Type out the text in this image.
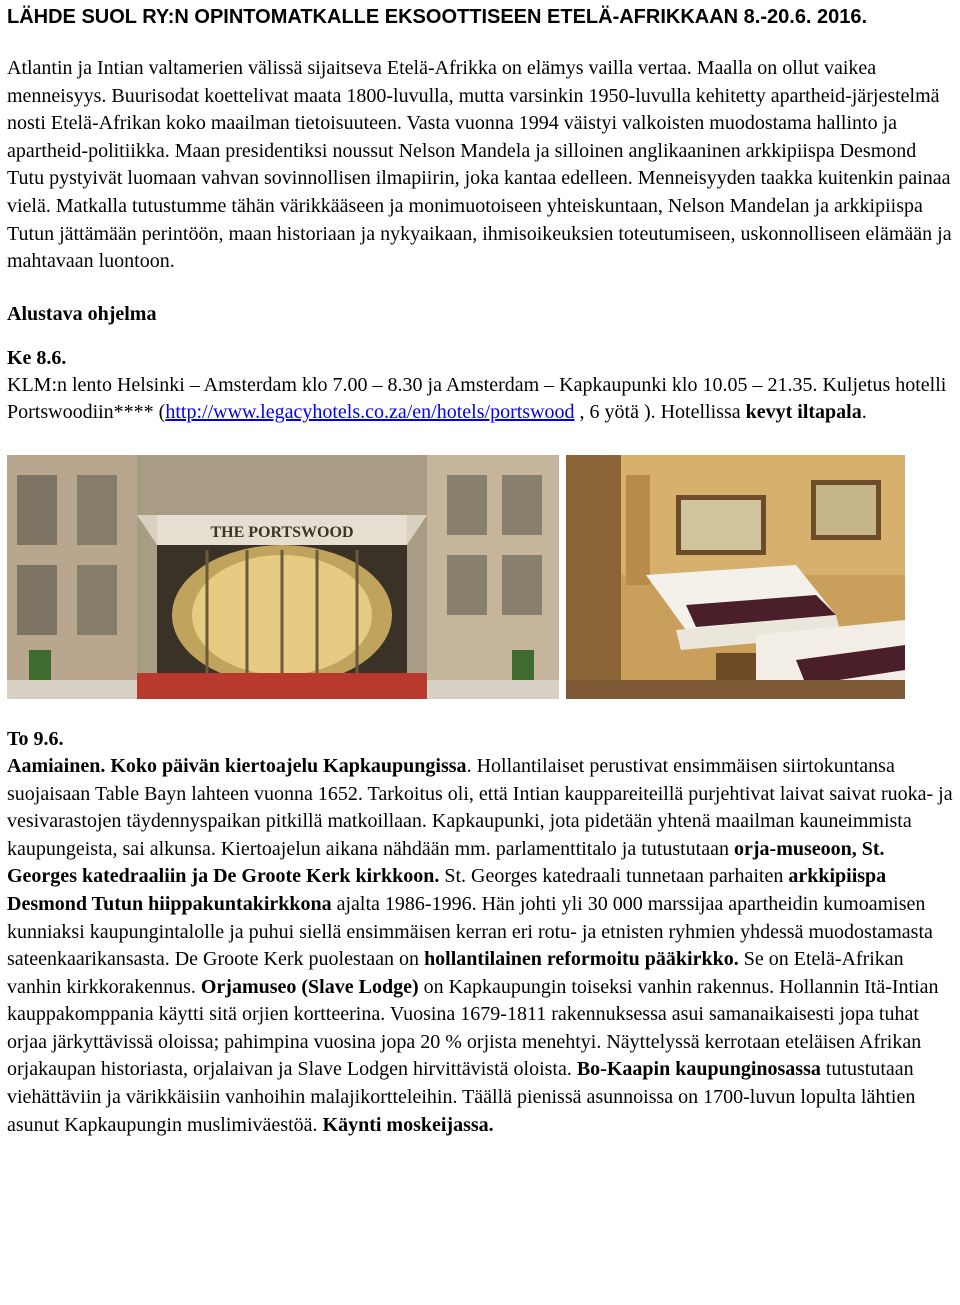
LÄHDE SUOL RY:N OPINTOMATKALLE EKSOOTTISEEN ETELÄ-AFRIKKAAN 8.-20.6. 2016.

Atlantin ja Intian valtamerien välissä sijaitseva Etelä-Afrikka on elämys vailla vertaa. Maalla on ollut vaikea menneisyys. Buurisodat koettelivat maata 1800-luvulla, mutta varsinkin 1950-luvulla kehitetty apartheid-järjestelmä nosti Etelä-Afrikan koko maailman tietoisuuteen. Vasta vuonna 1994 väistyi valkoisten muodostama hallinto ja apartheid-politiikka. Maan presidentiksi noussut Nelson Mandela ja silloinen anglikaaninen arkkipiispa Desmond Tutu pystyivät luomaan vahvan sovinnollisen ilmapiirin, joka kantaa edelleen. Menneisyyden taakka kuitenkin painaa vielä. Matkalla tutustumme tähän värikkääseen ja monimuotoiseen yhteiskuntaan, Nelson Mandelan ja arkkipiispa Tutun jättämään perintöön, maan historiaan ja nykyaikaan, ihmisoikeuksien toteutumiseen, uskonnolliseen elämään ja mahtavaan luontoon.

Alustava ohjelma

Ke 8.6.

KLM:n lento Helsinki – Amsterdam klo 7.00 – 8.30 ja Amsterdam – Kapkaupunki klo 10.05 – 21.35. Kuljetus hotelli Portswoodiin**** (http://www.legacyhotels.co.za/en/hotels/portswood , 6 yötä ). Hotellissa kevyt iltapala.

THE PORTSWOOD

To 9.6.

Aamiainen. Koko päivän kiertoajelu Kapkaupungissa. Hollantilaiset perustivat ensimmäisen siirtokuntansa suojaisaan Table Bayn lahteen vuonna 1652. Tarkoitus oli, että Intian kauppareiteillä purjehtivat laivat saivat ruoka- ja vesivarastojen täydennyspaikan pitkillä matkoillaan. Kapkaupunki, jota pidetään yhtenä maailman kauneimmista kaupungeista, sai alkunsa. Kiertoajelun aikana nähdään mm. parlamenttitalo ja tutustutaan orja-museoon, St. Georges katedraaliin ja De Groote Kerk kirkkoon. St. Georges katedraali tunnetaan parhaiten arkkipiispa Desmond Tutun hiippakuntakirkkona ajalta 1986-1996. Hän johti yli 30 000 marssijaa apartheidin kumoamisen kunniaksi kaupungintalolle ja puhui siellä ensimmäisen kerran eri rotu- ja etnisten ryhmien yhdessä muodostamasta sateenkaarikansasta. De Groote Kerk puolestaan on hollantilainen reformoitu pääkirkko. Se on Etelä-Afrikan vanhin kirkkorakennus. Orjamuseo (Slave Lodge) on Kapkaupungin toiseksi vanhin rakennus. Hollannin Itä-Intian kauppakomppania käytti sitä orjien kortteerina. Vuosina 1679-1811 rakennuksessa asui samanaikaisesti jopa tuhat orjaa järkyttävissä oloissa; pahimpina vuosina jopa 20 % orjista menehtyi. Näyttelyssä kerrotaan eteläisen Afrikan orjakaupan historiasta, orjalaivan ja Slave Lodgen hirvittävistä oloista. Bo-Kaapin kaupunginosassa tutustutaan viehättäviin ja värikkäisiin vanhoihin malajikortteleihin. Täällä pienissä asunnoissa on 1700-luvun lopulta lähtien asunut Kapkaupungin muslimiväestöä. Käynti moskeijassa.
